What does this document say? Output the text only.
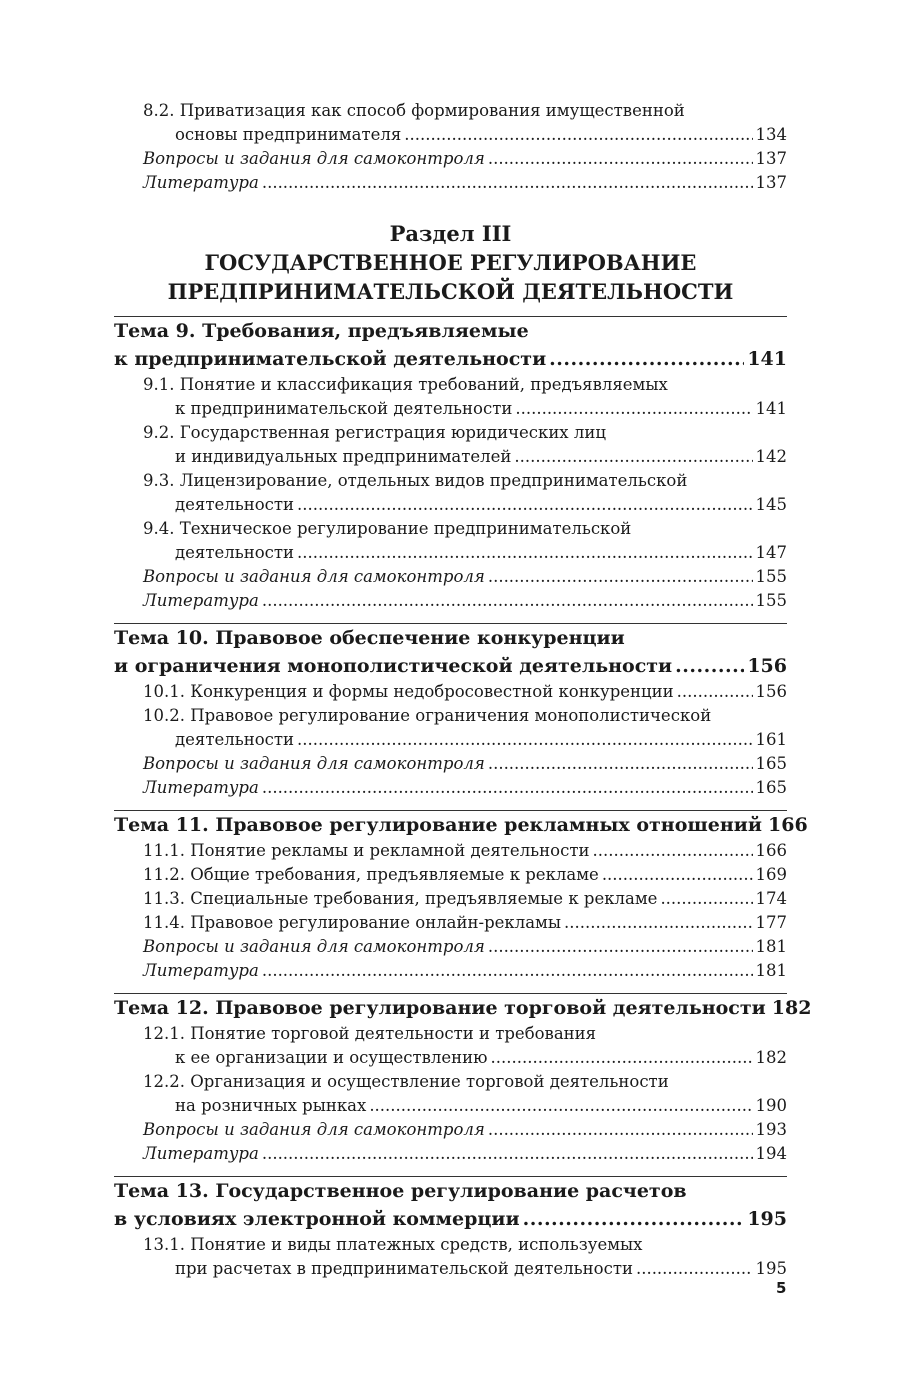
8.2. Приватизация как способ формирования имущественной
основы предпринимателя .....	134
Вопросы и задания для самоконтроля .....	137
Литература .....	137
Раздел III
ГОСУДАРСТВЕННОЕ РЕГУЛИРОВАНИЕ
ПРЕДПРИНИМАТЕЛЬСКОЙ ДЕЯТЕЛЬНОСТИ
Тема 9. Требования, предъявляемые
к предпринимательской деятельности .....	141
9.1. Понятие и классификация требований, предъявляемых
к предпринимательской деятельности .....	141
9.2. Государственная регистрация юридических лиц
и индивидуальных предпринимателей .....	142
9.3. Лицензирование, отдельных видов предпринимательской
деятельности .....	145
9.4. Техническое регулирование предпринимательской
деятельности .....	147
Вопросы и задания для самоконтроля .....	155
Литература .....	155
Тема 10. Правовое обеспечение конкуренции
и ограничения монополистической деятельности .....	156
10.1. Конкуренция и формы недобросовестной конкуренции .....	156
10.2. Правовое регулирование ограничения монополистической
деятельности .....	161
Вопросы и задания для самоконтроля .....	165
Литература .....	165
Тема 11. Правовое регулирование рекламных отношений 166
11.1. Понятие рекламы и рекламной деятельности .....	166
11.2. Общие требования, предъявляемые к рекламе .....	169
11.3. Специальные требования, предъявляемые к рекламе .....	174
11.4. Правовое регулирование онлайн-рекламы .....	177
Вопросы и задания для самоконтроля .....	181
Литература .....	181
Тема 12. Правовое регулирование торговой деятельности 182
12.1. Понятие торговой деятельности и требования
к ее организации и осуществлению .....	182
12.2. Организация и осуществление торговой деятельности
на розничных рынках .....	190
Вопросы и задания для самоконтроля .....	193
Литература .....	194
Тема 13. Государственное регулирование расчетов
в условиях электронной коммерции .....	195
13.1. Понятие и виды платежных средств, используемых
при расчетах в предпринимательской деятельности .....	195
5
